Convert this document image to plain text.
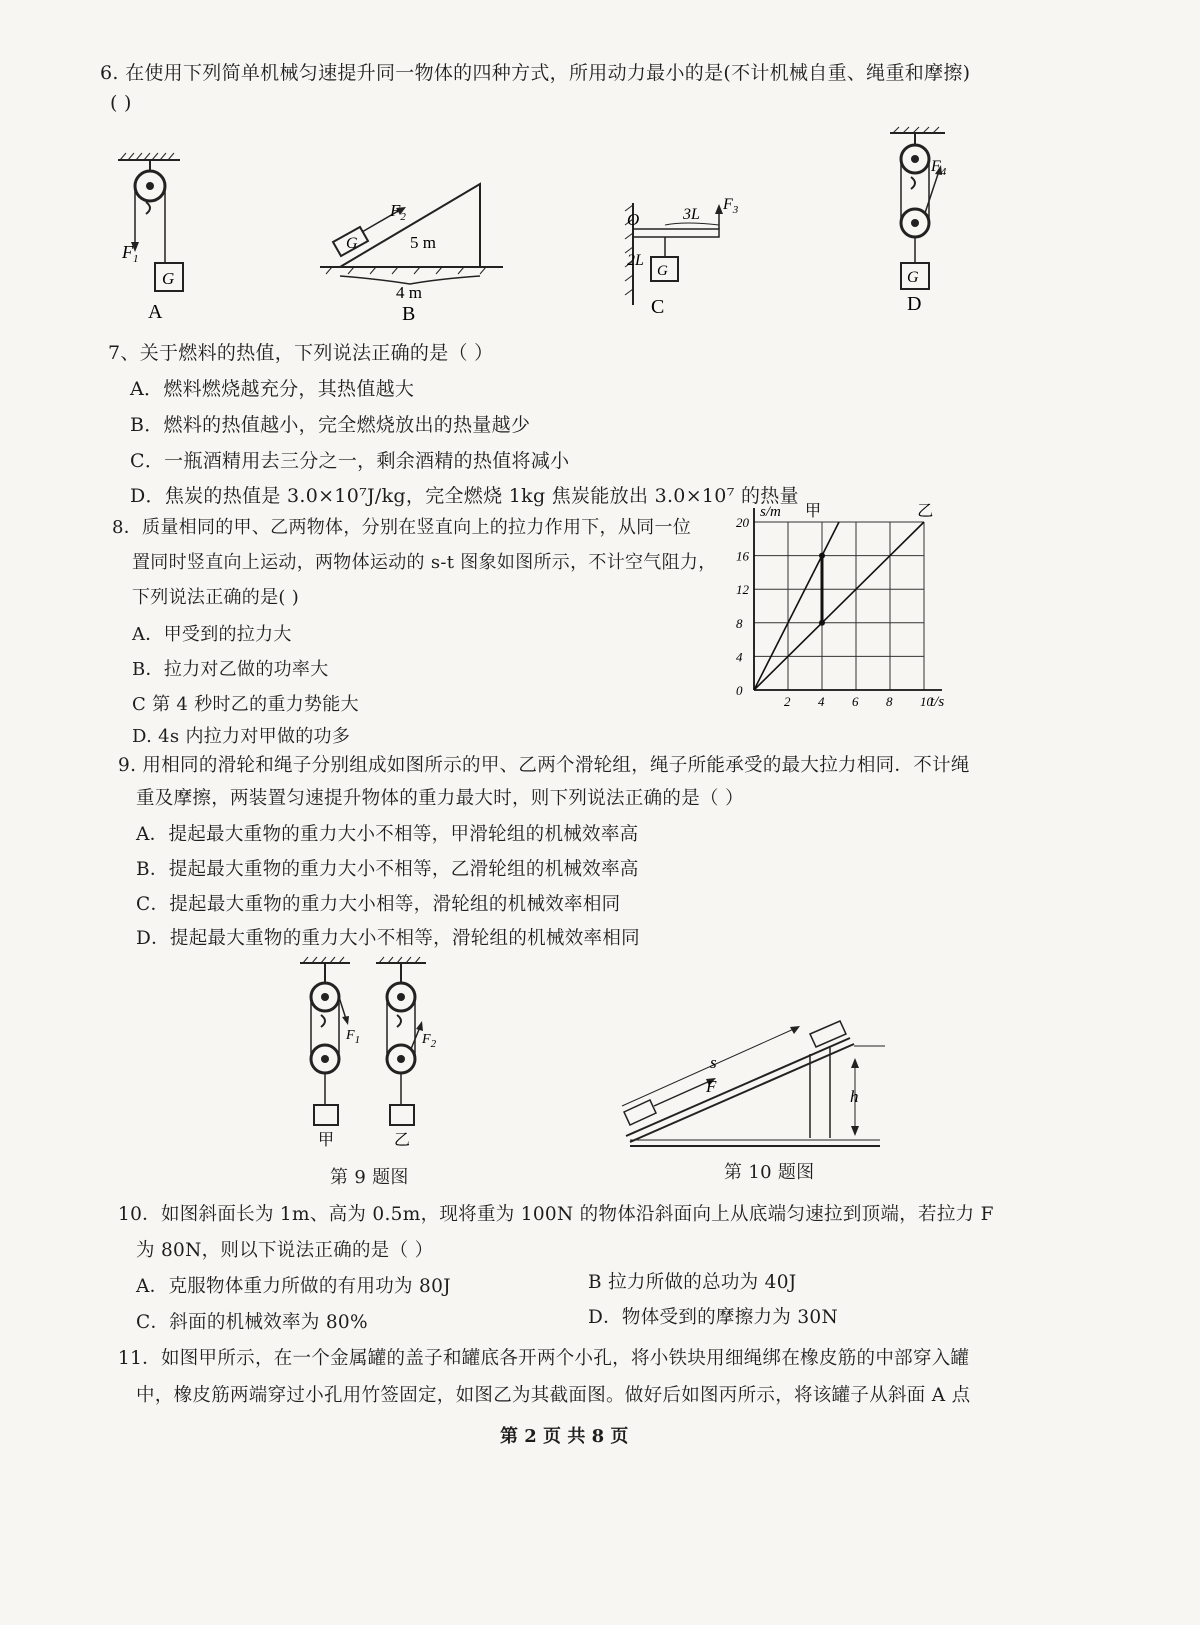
6. 在使用下列简单机械匀速提升同一物体的四种方式，所用动力最小的是(不计机械自重、绳重和摩擦)
( )
$F_1$
G
A
G
$F_2$
5 m
4 m
B
O
2L
3L
$F_3$
G
C
$F_4$
G
D
7、关于燃料的热值，下列说法正确的是（ ）
A．燃料燃烧越充分，其热值越大
B．燃料的热值越小，完全燃烧放出的热量越少
C．一瓶酒精用去三分之一，剩余酒精的热值将减小
D．焦炭的热值是 3.0×10⁷J/kg，完全燃烧 1kg 焦炭能放出 3.0×10⁷ 的热量
8．质量相同的甲、乙两物体，分别在竖直向上的拉力作用下，从同一位
置同时竖直向上运动，两物体运动的 s-t 图象如图所示，不计空气阻力，
下列说法正确的是( )
A．甲受到的拉力大
B．拉力对乙做的功率大
C 第 4 秒时乙的重力势能大
D. 4s 内拉力对甲做的功多
2 4 6 8 10
0
4
8
12
16
20
s/m
t/s
甲	乙
9. 用相同的滑轮和绳子分别组成如图所示的甲、乙两个滑轮组，绳子所能承受的最大拉力相同．不计绳
重及摩擦，两装置匀速提升物体的重力最大时，则下列说法正确的是（ ）
A．提起最大重物的重力大小不相等，甲滑轮组的机械效率高
B．提起最大重物的重力大小不相等，乙滑轮组的机械效率高
C．提起最大重物的重力大小相等，滑轮组的机械效率相同
D．提起最大重物的重力大小不相等，滑轮组的机械效率相同
$F_1$
甲
$F_2$
乙
第 9 题图
s
F
h
第 10 题图
10．如图斜面长为 1m、高为 0.5m，现将重为 100N 的物体沿斜面向上从底端匀速拉到顶端，若拉力 F
为 80N，则以下说法正确的是（ ）
A．克服物体重力所做的有用功为 80J	B 拉力所做的总功为 40J
C．斜面的机械效率为 80%	D．物体受到的摩擦力为 30N
11．如图甲所示，在一个金属罐的盖子和罐底各开两个小孔，将小铁块用细绳绑在橡皮筋的中部穿入罐
中，橡皮筋两端穿过小孔用竹签固定，如图乙为其截面图。做好后如图丙所示，将该罐子从斜面 A 点
第 2 页 共 8 页
